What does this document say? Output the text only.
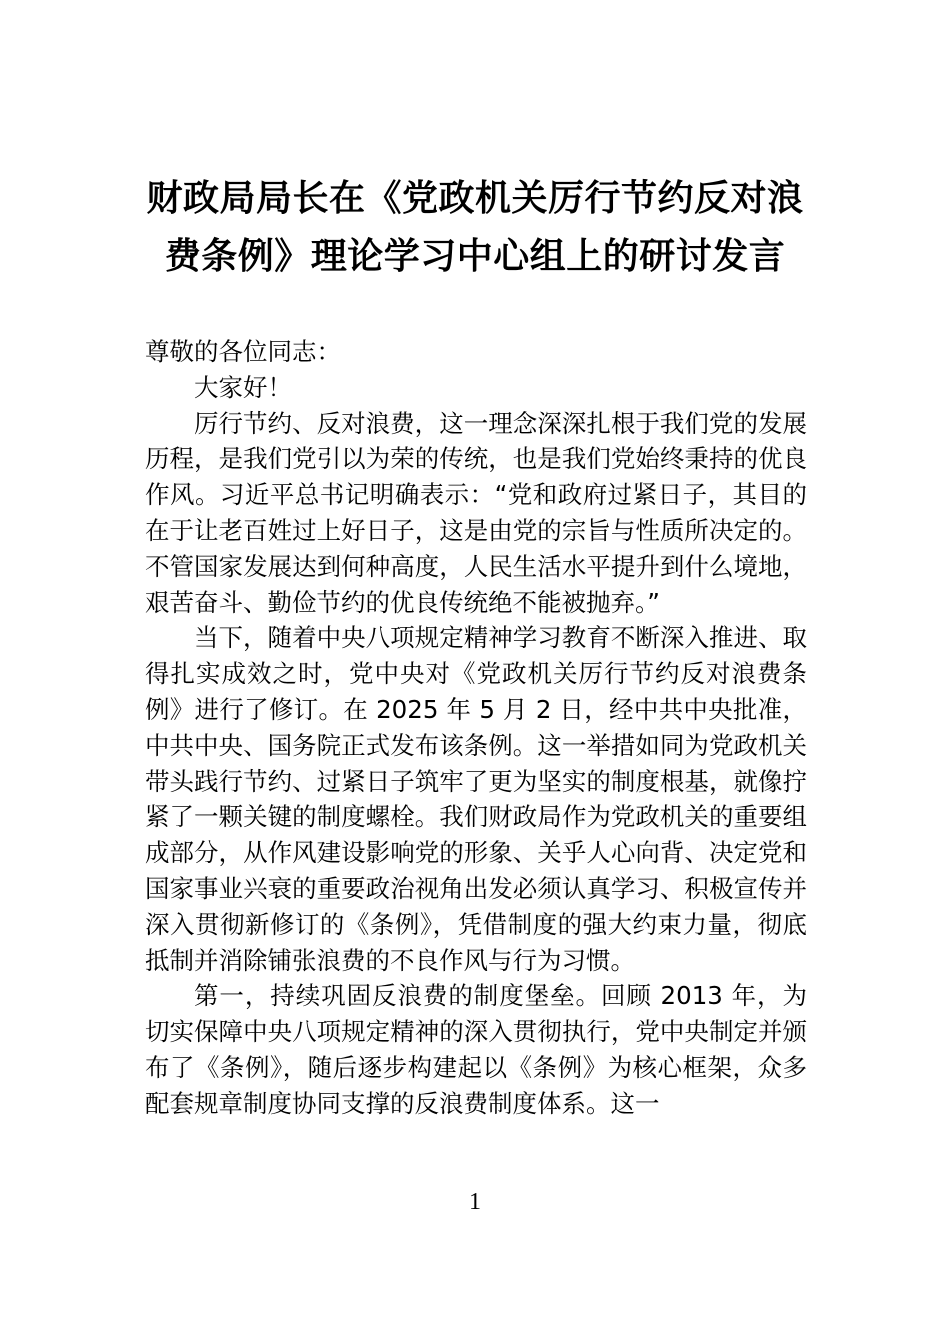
财政局局长在《党政机关厉行节约反对浪
费条例》理论学习中心组上的研讨发言

尊敬的各位同志：

大家好！

厉行节约、反对浪费，这一理念深深扎根于我们党的发展历程，是我们党引以为荣的传统，也是我们党始终秉持的优良作风。习近平总书记明确表示：“党和政府过紧日子，其目的在于让老百姓过上好日子，这是由党的宗旨与性质所决定的。不管国家发展达到何种高度，人民生活水平提升到什么境地，艰苦奋斗、勤俭节约的优良传统绝不能被抛弃。”

当下，随着中央八项规定精神学习教育不断深入推进、取得扎实成效之时，党中央对《党政机关厉行节约反对浪费条例》进行了修订。在 2025 年 5 月 2 日，经中共中央批准，中共中央、国务院正式发布该条例。这一举措如同为党政机关带头践行节约、过紧日子筑牢了更为坚实的制度根基，就像拧紧了一颗关键的制度螺栓。我们财政局作为党政机关的重要组成部分，从作风建设影响党的形象、关乎人心向背、决定党和国家事业兴衰的重要政治视角出发必须认真学习、积极宣传并深入贯彻新修订的《条例》，凭借制度的强大约束力量，彻底抵制并消除铺张浪费的不良作风与行为习惯。

第一，持续巩固反浪费的制度堡垒。回顾 2013 年，为切实保障中央八项规定精神的深入贯彻执行，党中央制定并颁布了《条例》，随后逐步构建起以《条例》为核心框架，众多配套规章制度协同支撑的反浪费制度体系。这一

1
